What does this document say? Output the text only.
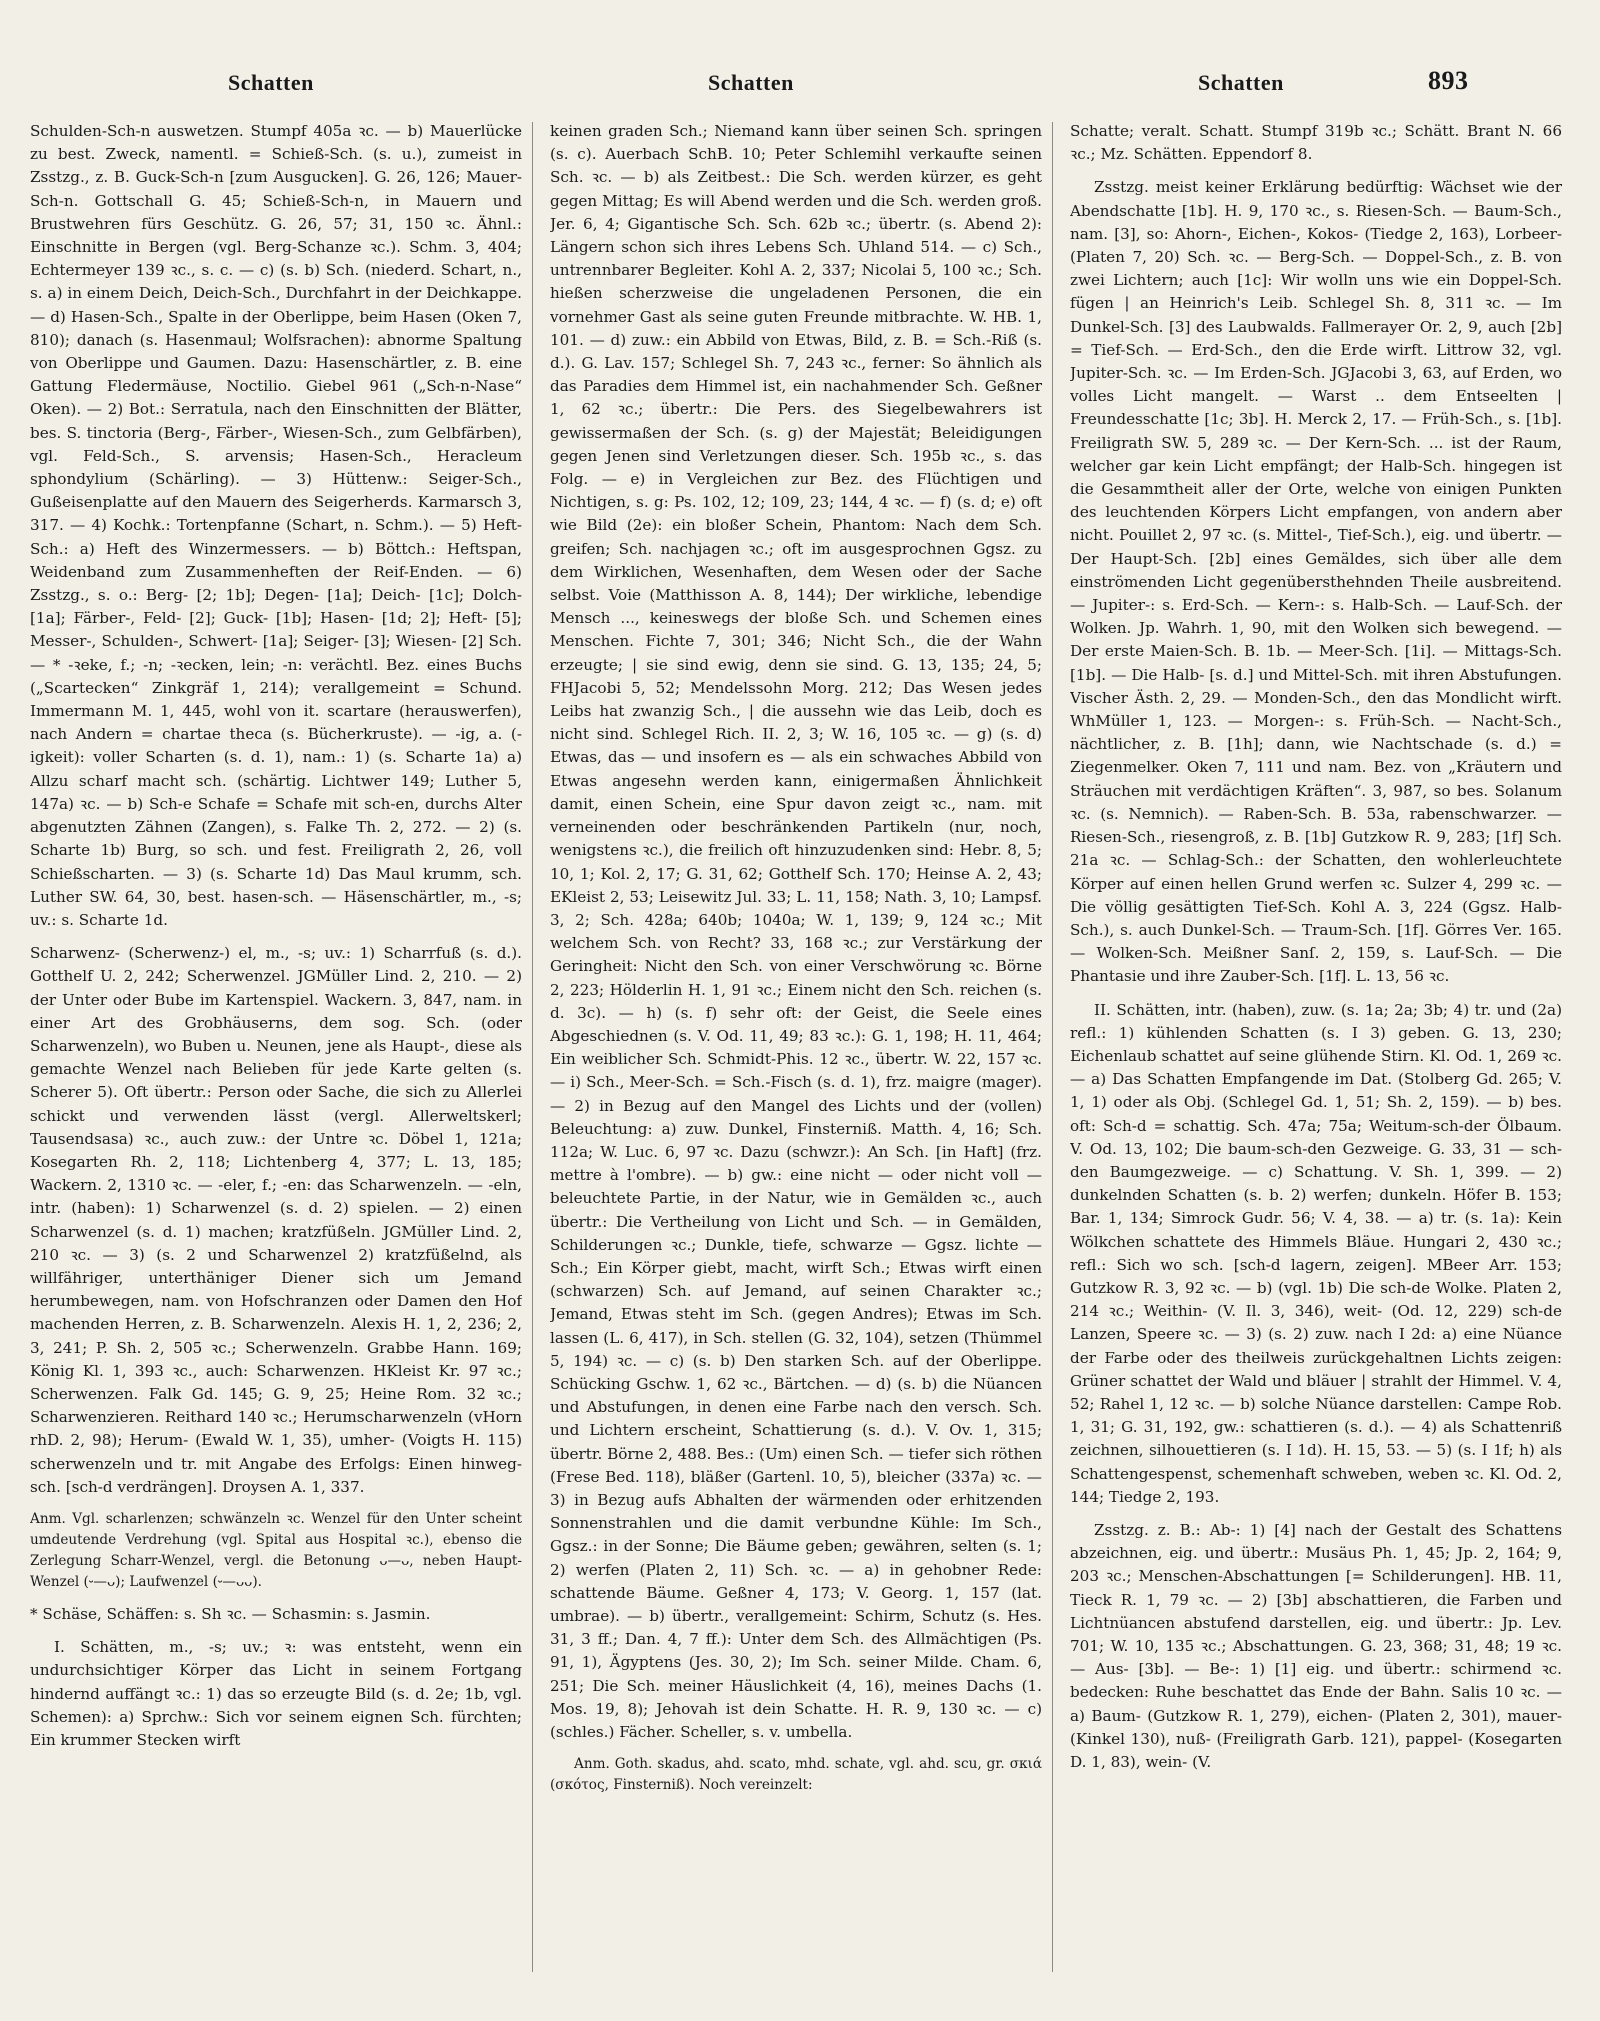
Schatten	Schatten	Schatten	893

Schulden-Sch-n auswetzen. Stumpf 405a ꝛc. — b) Mauerlücke zu best. Zweck, namentl. = Schieß-Sch. (s. u.), zumeist in Zsstzg., z. B. Guck-Sch-n [zum Ausgucken]. G. 26, 126; Mauer-Sch-n. Gottschall G. 45; Schieß-Sch-n, in Mauern und Brustwehren fürs Geschütz. G. 26, 57; 31, 150 ꝛc. Ähnl.: Einschnitte in Bergen (vgl. Berg-Schanze ꝛc.). Schm. 3, 404; Echtermeyer 139 ꝛc., s. c. — c) (s. b) Sch. (niederd. Schart, n., s. a) in einem Deich, Deich-Sch., Durchfahrt in der Deichkappe. — d) Hasen-Sch., Spalte in der Oberlippe, beim Hasen (Oken 7, 810); danach (s. Hasenmaul; Wolfsrachen): abnorme Spaltung von Oberlippe und Gaumen. Dazu: Hasenschärtler, z. B. eine Gattung Fledermäuse, Noctilio. Giebel 961 („Sch-n-Nase“ Oken). — 2) Bot.: Serratula, nach den Einschnitten der Blätter, bes. S. tinctoria (Berg-, Färber-, Wiesen-Sch., zum Gelbfärben), vgl. Feld-Sch., S. arvensis; Hasen-Sch., Heracleum sphondylium (Schärling). — 3) Hüttenw.: Seiger-Sch., Gußeisenplatte auf den Mauern des Seigerherds. Karmarsch 3, 317. — 4) Kochk.: Tortenpfanne (Schart, n. Schm.). — 5) Heft-Sch.: a) Heft des Winzermessers. — b) Böttch.: Heftspan, Weidenband zum Zusammenheften der Reif-Enden. — 6) Zsstzg., s. o.: Berg- [2; 1b]; Degen- [1a]; Deich- [1c]; Dolch- [1a]; Färber-, Feld- [2]; Guck- [1b]; Hasen- [1d; 2]; Heft- [5]; Messer-, Schulden-, Schwert- [1a]; Seiger- [3]; Wiesen- [2] Sch. — * -ꝛeke, f.; -n; -ꝛecken, lein; -n: verächtl. Bez. eines Buchs („Scartecken“ Zinkgräf 1, 214); verallgemeint = Schund. Immermann M. 1, 445, wohl von it. scartare (herauswerfen), nach Andern = chartae theca (s. Bücherkruste). — -ig, a. (-igkeit): voller Scharten (s. d. 1), nam.: 1) (s. Scharte 1a) a) Allzu scharf macht sch. (schärtig. Lichtwer 149; Luther 5, 147a) ꝛc. — b) Sch-e Schafe = Schafe mit sch-en, durchs Alter abgenutzten Zähnen (Zangen), s. Falke Th. 2, 272. — 2) (s. Scharte 1b) Burg, so sch. und fest. Freiligrath 2, 26, voll Schießscharten. — 3) (s. Scharte 1d) Das Maul krumm, sch. Luther SW. 64, 30, best. hasen-sch. — Häsenschärtler, m., -s; uv.: s. Scharte 1d.

Scharwenz- (Scherwenz-) el, m., -s; uv.: 1) Scharrfuß (s. d.). Gotthelf U. 2, 242; Scherwenzel. JGMüller Lind. 2, 210. — 2) der Unter oder Bube im Kartenspiel. Wackern. 3, 847, nam. in einer Art des Grobhäuserns, dem sog. Sch. (oder Scharwenzeln), wo Buben u. Neunen, jene als Haupt-, diese als gemachte Wenzel nach Belieben für jede Karte gelten (s. Scherer 5). Oft übertr.: Person oder Sache, die sich zu Allerlei schickt und verwenden lässt (vergl. Allerweltskerl; Tausendsasa) ꝛc., auch zuw.: der Untre ꝛc. Döbel 1, 121a; Kosegarten Rh. 2, 118; Lichtenberg 4, 377; L. 13, 185; Wackern. 2, 1310 ꝛc. — -eler, f.; -en: das Scharwenzeln. — -eln, intr. (haben): 1) Scharwenzel (s. d. 2) spielen. — 2) einen Scharwenzel (s. d. 1) machen; kratzfüßeln. JGMüller Lind. 2, 210 ꝛc. — 3) (s. 2 und Scharwenzel 2) kratzfüßelnd, als willfähriger, unterthäniger Diener sich um Jemand herumbewegen, nam. von Hofschranzen oder Damen den Hof machenden Herren, z. B. Scharwenzeln. Alexis H. 1, 2, 236; 2, 3, 241; P. Sh. 2, 505 ꝛc.; Scherwenzeln. Grabbe Hann. 169; König Kl. 1, 393 ꝛc., auch: Scharwenzen. HKleist Kr. 97 ꝛc.; Scherwenzen. Falk Gd. 145; G. 9, 25; Heine Rom. 32 ꝛc.; Scharwenzieren. Reithard 140 ꝛc.; Herumscharwenzeln (vHorn rhD. 2, 98); Herum- (Ewald W. 1, 35), umher- (Voigts H. 115) scherwenzeln und tr. mit Angabe des Erfolgs: Einen hinweg-sch. [sch-d verdrängen]. Droysen A. 1, 337.

Anm. Vgl. scharlenzen; schwänzeln ꝛc. Wenzel für den Unter scheint umdeutende Verdrehung (vgl. Spital aus Hospital ꝛc.), ebenso die Zerlegung Scharr-Wenzel, vergl. die Betonung ᴗ—ᴗ, neben Haupt-Wenzel (⏑—ᴗ); Laufwenzel (⏑—ᴗᴗ).

* Schäse, Schäffen: s. Sh ꝛc. — Schasmin: s. Jasmin.

I. Schätten, m., -s; uv.; ꝛ: was entsteht, wenn ein undurchsichtiger Körper das Licht in seinem Fortgang hindernd auffängt ꝛc.: 1) das so erzeugte Bild (s. d. 2e; 1b, vgl. Schemen): a) Sprchw.: Sich vor seinem eignen Sch. fürchten; Ein krummer Stecken wirft

keinen graden Sch.; Niemand kann über seinen Sch. springen (s. c). Auerbach SchB. 10; Peter Schlemihl verkaufte seinen Sch. ꝛc. — b) als Zeitbest.: Die Sch. werden kürzer, es geht gegen Mittag; Es will Abend werden und die Sch. werden groß. Jer. 6, 4; Gigantische Sch. Sch. 62b ꝛc.; übertr. (s. Abend 2): Längern schon sich ihres Lebens Sch. Uhland 514. — c) Sch., untrennbarer Begleiter. Kohl A. 2, 337; Nicolai 5, 100 ꝛc.; Sch. hießen scherzweise die ungeladenen Personen, die ein vornehmer Gast als seine guten Freunde mitbrachte. W. HB. 1, 101. — d) zuw.: ein Abbild von Etwas, Bild, z. B. = Sch.-Riß (s. d.). G. Lav. 157; Schlegel Sh. 7, 243 ꝛc., ferner: So ähnlich als das Paradies dem Himmel ist, ein nachahmender Sch. Geßner 1, 62 ꝛc.; übertr.: Die Pers. des Siegelbewahrers ist gewissermaßen der Sch. (s. g) der Majestät; Beleidigungen gegen Jenen sind Verletzungen dieser. Sch. 195b ꝛc., s. das Folg. — e) in Vergleichen zur Bez. des Flüchtigen und Nichtigen, s. g: Ps. 102, 12; 109, 23; 144, 4 ꝛc. — f) (s. d; e) oft wie Bild (2e): ein bloßer Schein, Phantom: Nach dem Sch. greifen; Sch. nachjagen ꝛc.; oft im ausgesprochnen Ggsz. zu dem Wirklichen, Wesenhaften, dem Wesen oder der Sache selbst. Voie (Matthisson A. 8, 144); Der wirkliche, lebendige Mensch ..., keineswegs der bloße Sch. und Schemen eines Menschen. Fichte 7, 301; 346; Nicht Sch., die der Wahn erzeugte; | sie sind ewig, denn sie sind. G. 13, 135; 24, 5; FHJacobi 5, 52; Mendelssohn Morg. 212; Das Wesen jedes Leibs hat zwanzig Sch., | die aussehn wie das Leib, doch es nicht sind. Schlegel Rich. II. 2, 3; W. 16, 105 ꝛc. — g) (s. d) Etwas, das — und insofern es — als ein schwaches Abbild von Etwas angesehn werden kann, einigermaßen Ähnlichkeit damit, einen Schein, eine Spur davon zeigt ꝛc., nam. mit verneinenden oder beschränkenden Partikeln (nur, noch, wenigstens ꝛc.), die freilich oft hinzuzudenken sind: Hebr. 8, 5; 10, 1; Kol. 2, 17; G. 31, 62; Gotthelf Sch. 170; Heinse A. 2, 43; EKleist 2, 53; Leisewitz Jul. 33; L. 11, 158; Nath. 3, 10; Lampsf. 3, 2; Sch. 428a; 640b; 1040a; W. 1, 139; 9, 124 ꝛc.; Mit welchem Sch. von Recht? 33, 168 ꝛc.; zur Verstärkung der Geringheit: Nicht den Sch. von einer Verschwörung ꝛc. Börne 2, 223; Hölderlin H. 1, 91 ꝛc.; Einem nicht den Sch. reichen (s. d. 3c). — h) (s. f) sehr oft: der Geist, die Seele eines Abgeschiednen (s. V. Od. 11, 49; 83 ꝛc.): G. 1, 198; H. 11, 464; Ein weiblicher Sch. Schmidt-Phis. 12 ꝛc., übertr. W. 22, 157 ꝛc. — i) Sch., Meer-Sch. = Sch.-Fisch (s. d. 1), frz. maigre (mager). — 2) in Bezug auf den Mangel des Lichts und der (vollen) Beleuchtung: a) zuw. Dunkel, Finsterniß. Matth. 4, 16; Sch. 112a; W. Luc. 6, 97 ꝛc. Dazu (schwzr.): An Sch. [in Haft] (frz. mettre à l'ombre). — b) gw.: eine nicht — oder nicht voll — beleuchtete Partie, in der Natur, wie in Gemälden ꝛc., auch übertr.: Die Vertheilung von Licht und Sch. — in Gemälden, Schilderungen ꝛc.; Dunkle, tiefe, schwarze — Ggsz. lichte — Sch.; Ein Körper giebt, macht, wirft Sch.; Etwas wirft einen (schwarzen) Sch. auf Jemand, auf seinen Charakter ꝛc.; Jemand, Etwas steht im Sch. (gegen Andres); Etwas im Sch. lassen (L. 6, 417), in Sch. stellen (G. 32, 104), setzen (Thümmel 5, 194) ꝛc. — c) (s. b) Den starken Sch. auf der Oberlippe. Schücking Gschw. 1, 62 ꝛc., Bärtchen. — d) (s. b) die Nüancen und Abstufungen, in denen eine Farbe nach den versch. Sch. und Lichtern erscheint, Schattierung (s. d.). V. Ov. 1, 315; übertr. Börne 2, 488. Bes.: (Um) einen Sch. — tiefer sich röthen (Frese Bed. 118), bläßer (Gartenl. 10, 5), bleicher (337a) ꝛc. — 3) in Bezug aufs Abhalten der wärmenden oder erhitzenden Sonnenstrahlen und die damit verbundne Kühle: Im Sch., Ggsz.: in der Sonne; Die Bäume geben; gewähren, selten (s. 1; 2) werfen (Platen 2, 11) Sch. ꝛc. — a) in gehobner Rede: schattende Bäume. Geßner 4, 173; V. Georg. 1, 157 (lat. umbrae). — b) übertr., verallgemeint: Schirm, Schutz (s. Hes. 31, 3 ff.; Dan. 4, 7 ff.): Unter dem Sch. des Allmächtigen (Ps. 91, 1), Ägyptens (Jes. 30, 2); Im Sch. seiner Milde. Cham. 6, 251; Die Sch. meiner Häuslichkeit (4, 16), meines Dachs (1. Mos. 19, 8); Jehovah ist dein Schatte. H. R. 9, 130 ꝛc. — c) (schles.) Fächer. Scheller, s. v. umbella.

Anm. Goth. skadus, ahd. scato, mhd. schate, vgl. ahd. scu, gr. σκιά (σκότος, Finsterniß). Noch vereinzelt:

Schatte; veralt. Schatt. Stumpf 319b ꝛc.; Schätt. Brant N. 66 ꝛc.; Mz. Schätten. Eppendorf 8.

Zsstzg. meist keiner Erklärung bedürftig: Wächset wie der Abendschatte [1b]. H. 9, 170 ꝛc., s. Riesen-Sch. — Baum-Sch., nam. [3], so: Ahorn-, Eichen-, Kokos- (Tiedge 2, 163), Lorbeer- (Platen 7, 20) Sch. ꝛc. — Berg-Sch. — Doppel-Sch., z. B. von zwei Lichtern; auch [1c]: Wir wolln uns wie ein Doppel-Sch. fügen | an Heinrich's Leib. Schlegel Sh. 8, 311 ꝛc. — Im Dunkel-Sch. [3] des Laubwalds. Fallmerayer Or. 2, 9, auch [2b] = Tief-Sch. — Erd-Sch., den die Erde wirft. Littrow 32, vgl. Jupiter-Sch. ꝛc. — Im Erden-Sch. JGJacobi 3, 63, auf Erden, wo volles Licht mangelt. — Warst .. dem Entseelten | Freundesschatte [1c; 3b]. H. Merck 2, 17. — Früh-Sch., s. [1b]. Freiligrath SW. 5, 289 ꝛc. — Der Kern-Sch. ... ist der Raum, welcher gar kein Licht empfängt; der Halb-Sch. hingegen ist die Gesammtheit aller der Orte, welche von einigen Punkten des leuchtenden Körpers Licht empfangen, von andern aber nicht. Pouillet 2, 97 ꝛc. (s. Mittel-, Tief-Sch.), eig. und übertr. — Der Haupt-Sch. [2b] eines Gemäldes, sich über alle dem einströmenden Licht gegenübersthehnden Theile ausbreitend. — Jupiter-: s. Erd-Sch. — Kern-: s. Halb-Sch. — Lauf-Sch. der Wolken. Jp. Wahrh. 1, 90, mit den Wolken sich bewegend. — Der erste Maien-Sch. B. 1b. — Meer-Sch. [1i]. — Mittags-Sch. [1b]. — Die Halb- [s. d.] und Mittel-Sch. mit ihren Abstufungen. Vischer Ästh. 2, 29. — Monden-Sch., den das Mondlicht wirft. WhMüller 1, 123. — Morgen-: s. Früh-Sch. — Nacht-Sch., nächtlicher, z. B. [1h]; dann, wie Nachtschade (s. d.) = Ziegenmelker. Oken 7, 111 und nam. Bez. von „Kräutern und Sträuchen mit verdächtigen Kräften“. 3, 987, so bes. Solanum ꝛc. (s. Nemnich). — Raben-Sch. B. 53a, rabenschwarzer. — Riesen-Sch., riesengroß, z. B. [1b] Gutzkow R. 9, 283; [1f] Sch. 21a ꝛc. — Schlag-Sch.: der Schatten, den wohlerleuchtete Körper auf einen hellen Grund werfen ꝛc. Sulzer 4, 299 ꝛc. — Die völlig gesättigten Tief-Sch. Kohl A. 3, 224 (Ggsz. Halb-Sch.), s. auch Dunkel-Sch. — Traum-Sch. [1f]. Görres Ver. 165. — Wolken-Sch. Meißner Sanſ. 2, 159, s. Lauf-Sch. — Die Phantasie und ihre Zauber-Sch. [1f]. L. 13, 56 ꝛc.

II. Schätten, intr. (haben), zuw. (s. 1a; 2a; 3b; 4) tr. und (2a) refl.: 1) kühlenden Schatten (s. I 3) geben. G. 13, 230; Eichenlaub schattet auf seine glühende Stirn. Kl. Od. 1, 269 ꝛc. — a) Das Schatten Empfangende im Dat. (Stolberg Gd. 265; V. 1, 1) oder als Obj. (Schlegel Gd. 1, 51; Sh. 2, 159). — b) bes. oft: Sch-d = schattig. Sch. 47a; 75a; Weitum-sch-der Ölbaum. V. Od. 13, 102; Die baum-sch-den Gezweige. G. 33, 31 — sch-den Baumgezweige. — c) Schattung. V. Sh. 1, 399. — 2) dunkelnden Schatten (s. b. 2) werfen; dunkeln. Höfer B. 153; Bar. 1, 134; Simrock Gudr. 56; V. 4, 38. — a) tr. (s. 1a): Kein Wölkchen schattete des Himmels Bläue. Hungari 2, 430 ꝛc.; refl.: Sich wo sch. [sch-d lagern, zeigen]. MBeer Arr. 153; Gutzkow R. 3, 92 ꝛc. — b) (vgl. 1b) Die sch-de Wolke. Platen 2, 214 ꝛc.; Weithin- (V. Il. 3, 346), weit- (Od. 12, 229) sch-de Lanzen, Speere ꝛc. — 3) (s. 2) zuw. nach I 2d: a) eine Nüance der Farbe oder des theilweis zurückgehaltnen Lichts zeigen: Grüner schattet der Wald und bläuer | strahlt der Himmel. V. 4, 52; Rahel 1, 12 ꝛc. — b) solche Nüance darstellen: Campe Rob. 1, 31; G. 31, 192, gw.: schattieren (s. d.). — 4) als Schattenriß zeichnen, silhouettieren (s. I 1d). H. 15, 53. — 5) (s. I 1f; h) als Schattengespenst, schemenhaft schweben, weben ꝛc. Kl. Od. 2, 144; Tiedge 2, 193.

Zsstzg. z. B.: Ab-: 1) [4] nach der Gestalt des Schattens abzeichnen, eig. und übertr.: Musäus Ph. 1, 45; Jp. 2, 164; 9, 203 ꝛc.; Menschen-Abschattungen [= Schilderungen]. HB. 11, Tieck R. 1, 79 ꝛc. — 2) [3b] abschattieren, die Farben und Lichtnüancen abstufend darstellen, eig. und übertr.: Jp. Lev. 701; W. 10, 135 ꝛc.; Abschattungen. G. 23, 368; 31, 48; 19 ꝛc. — Aus- [3b]. — Be-: 1) [1] eig. und übertr.: schirmend ꝛc. bedecken: Ruhe beschattet das Ende der Bahn. Salis 10 ꝛc. — a) Baum- (Gutzkow R. 1, 279), eichen- (Platen 2, 301), mauer- (Kinkel 130), nuß- (Freiligrath Garb. 121), pappel- (Kosegarten D. 1, 83), wein- (V.
